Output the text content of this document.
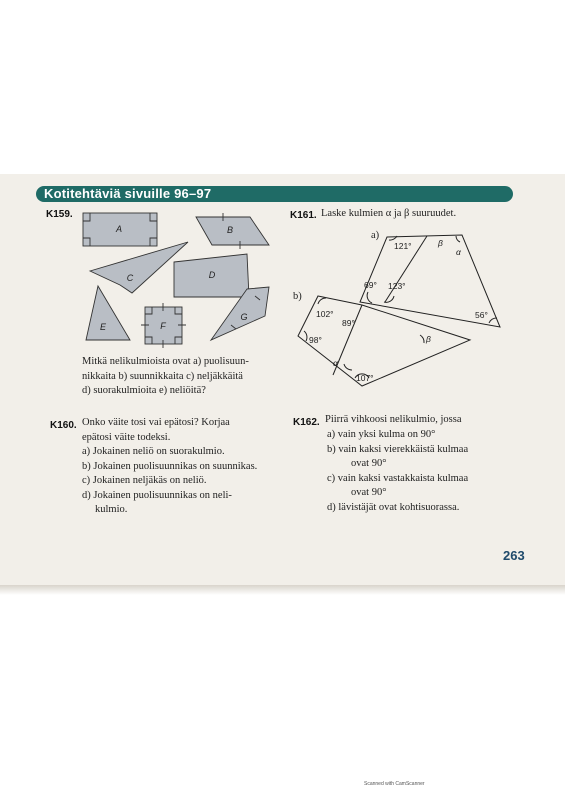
Kotitehtäviä sivuille 96–97
K159.
A	B
C	D
E	F
G
Mitkä nelikulmioista ovat a) puolisuun-
nikkaita b) suunnikkaita c) neljäkkäitä
d) suorakulmioita e) neliöitä?
K160. Onko väite tosi vai epätosi? Korjaa
epätosi väite todeksi.
a) Jokainen neliö on suorakulmio.
b) Jokainen puolisuunnikas on suunnikas.
c) Jokainen neljäkäs on neliö.
d) Jokainen puolisuunnikas on neli-
kulmio.
K161. Laske kulmien α ja β suuruudet.
a)
b)
121°	β
α
69° 123°
56°
102°
89°
98°
α
β
107°
K162. Piirrä vihkoosi nelikulmio, jossa
a) vain yksi kulma on 90°
b) vain kaksi vierekkäistä kulmaa
ovat 90°
c) vain kaksi vastakkaista kulmaa
ovat 90°
d) lävistäjät ovat kohtisuorassa.
263
Scanned with CamScanner
